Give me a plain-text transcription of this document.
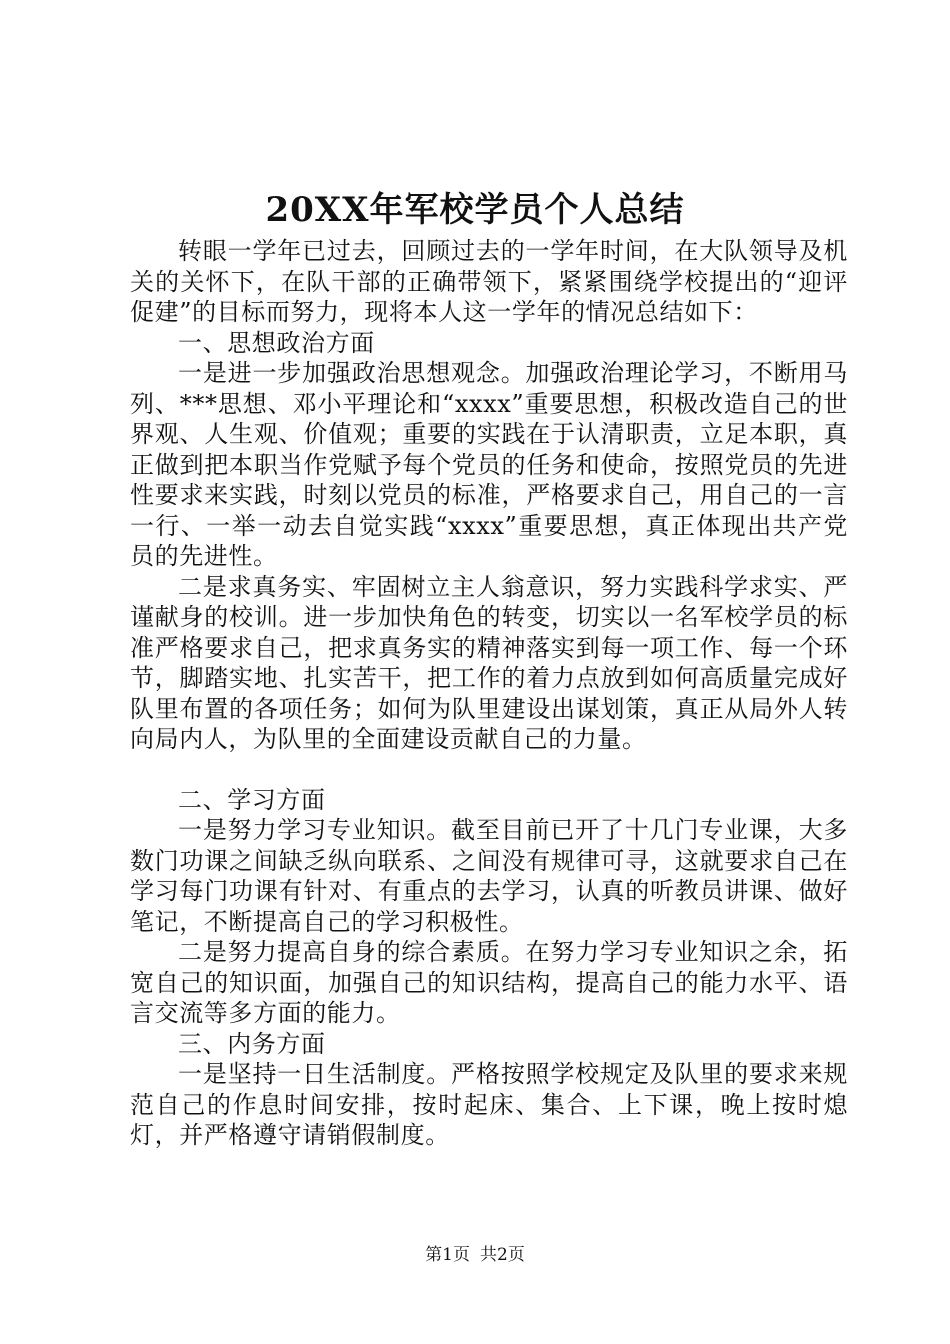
20XX年军校学员个人总结

转眼一学年已过去，回顾过去的一学年时间，在大队领导及机关的关怀下，在队干部的正确带领下，紧紧围绕学校提出的“迎评促建”的目标而努力，现将本人这一学年的情况总结如下：

一、思想政治方面

一是进一步加强政治思想观念。加强政治理论学习，不断用马列、***思想、邓小平理论和“xxxx”重要思想，积极改造自己的世界观、人生观、价值观；重要的实践在于认清职责，立足本职，真正做到把本职当作党赋予每个党员的任务和使命，按照党员的先进性要求来实践，时刻以党员的标准，严格要求自己，用自己的一言一行、一举一动去自觉实践“xxxx”重要思想，真正体现出共产党员的先进性。

二是求真务实、牢固树立主人翁意识，努力实践科学求实、严谨献身的校训。进一步加快角色的转变，切实以一名军校学员的标准严格要求自己，把求真务实的精神落实到每一项工作、每一个环节，脚踏实地、扎实苦干，把工作的着力点放到如何高质量完成好队里布置的各项任务；如何为队里建设出谋划策，真正从局外人转向局内人，为队里的全面建设贡献自己的力量。

二、学习方面

一是努力学习专业知识。截至目前已开了十几门专业课，大多数门功课之间缺乏纵向联系、之间没有规律可寻，这就要求自己在学习每门功课有针对、有重点的去学习，认真的听教员讲课、做好笔记，不断提高自己的学习积极性。

二是努力提高自身的综合素质。在努力学习专业知识之余，拓宽自己的知识面，加强自己的知识结构，提高自己的能力水平、语言交流等多方面的能力。

三、内务方面

一是坚持一日生活制度。严格按照学校规定及队里的要求来规范自己的作息时间安排，按时起床、集合、上下课，晚上按时熄灯，并严格遵守请销假制度。

第1页 共2页
